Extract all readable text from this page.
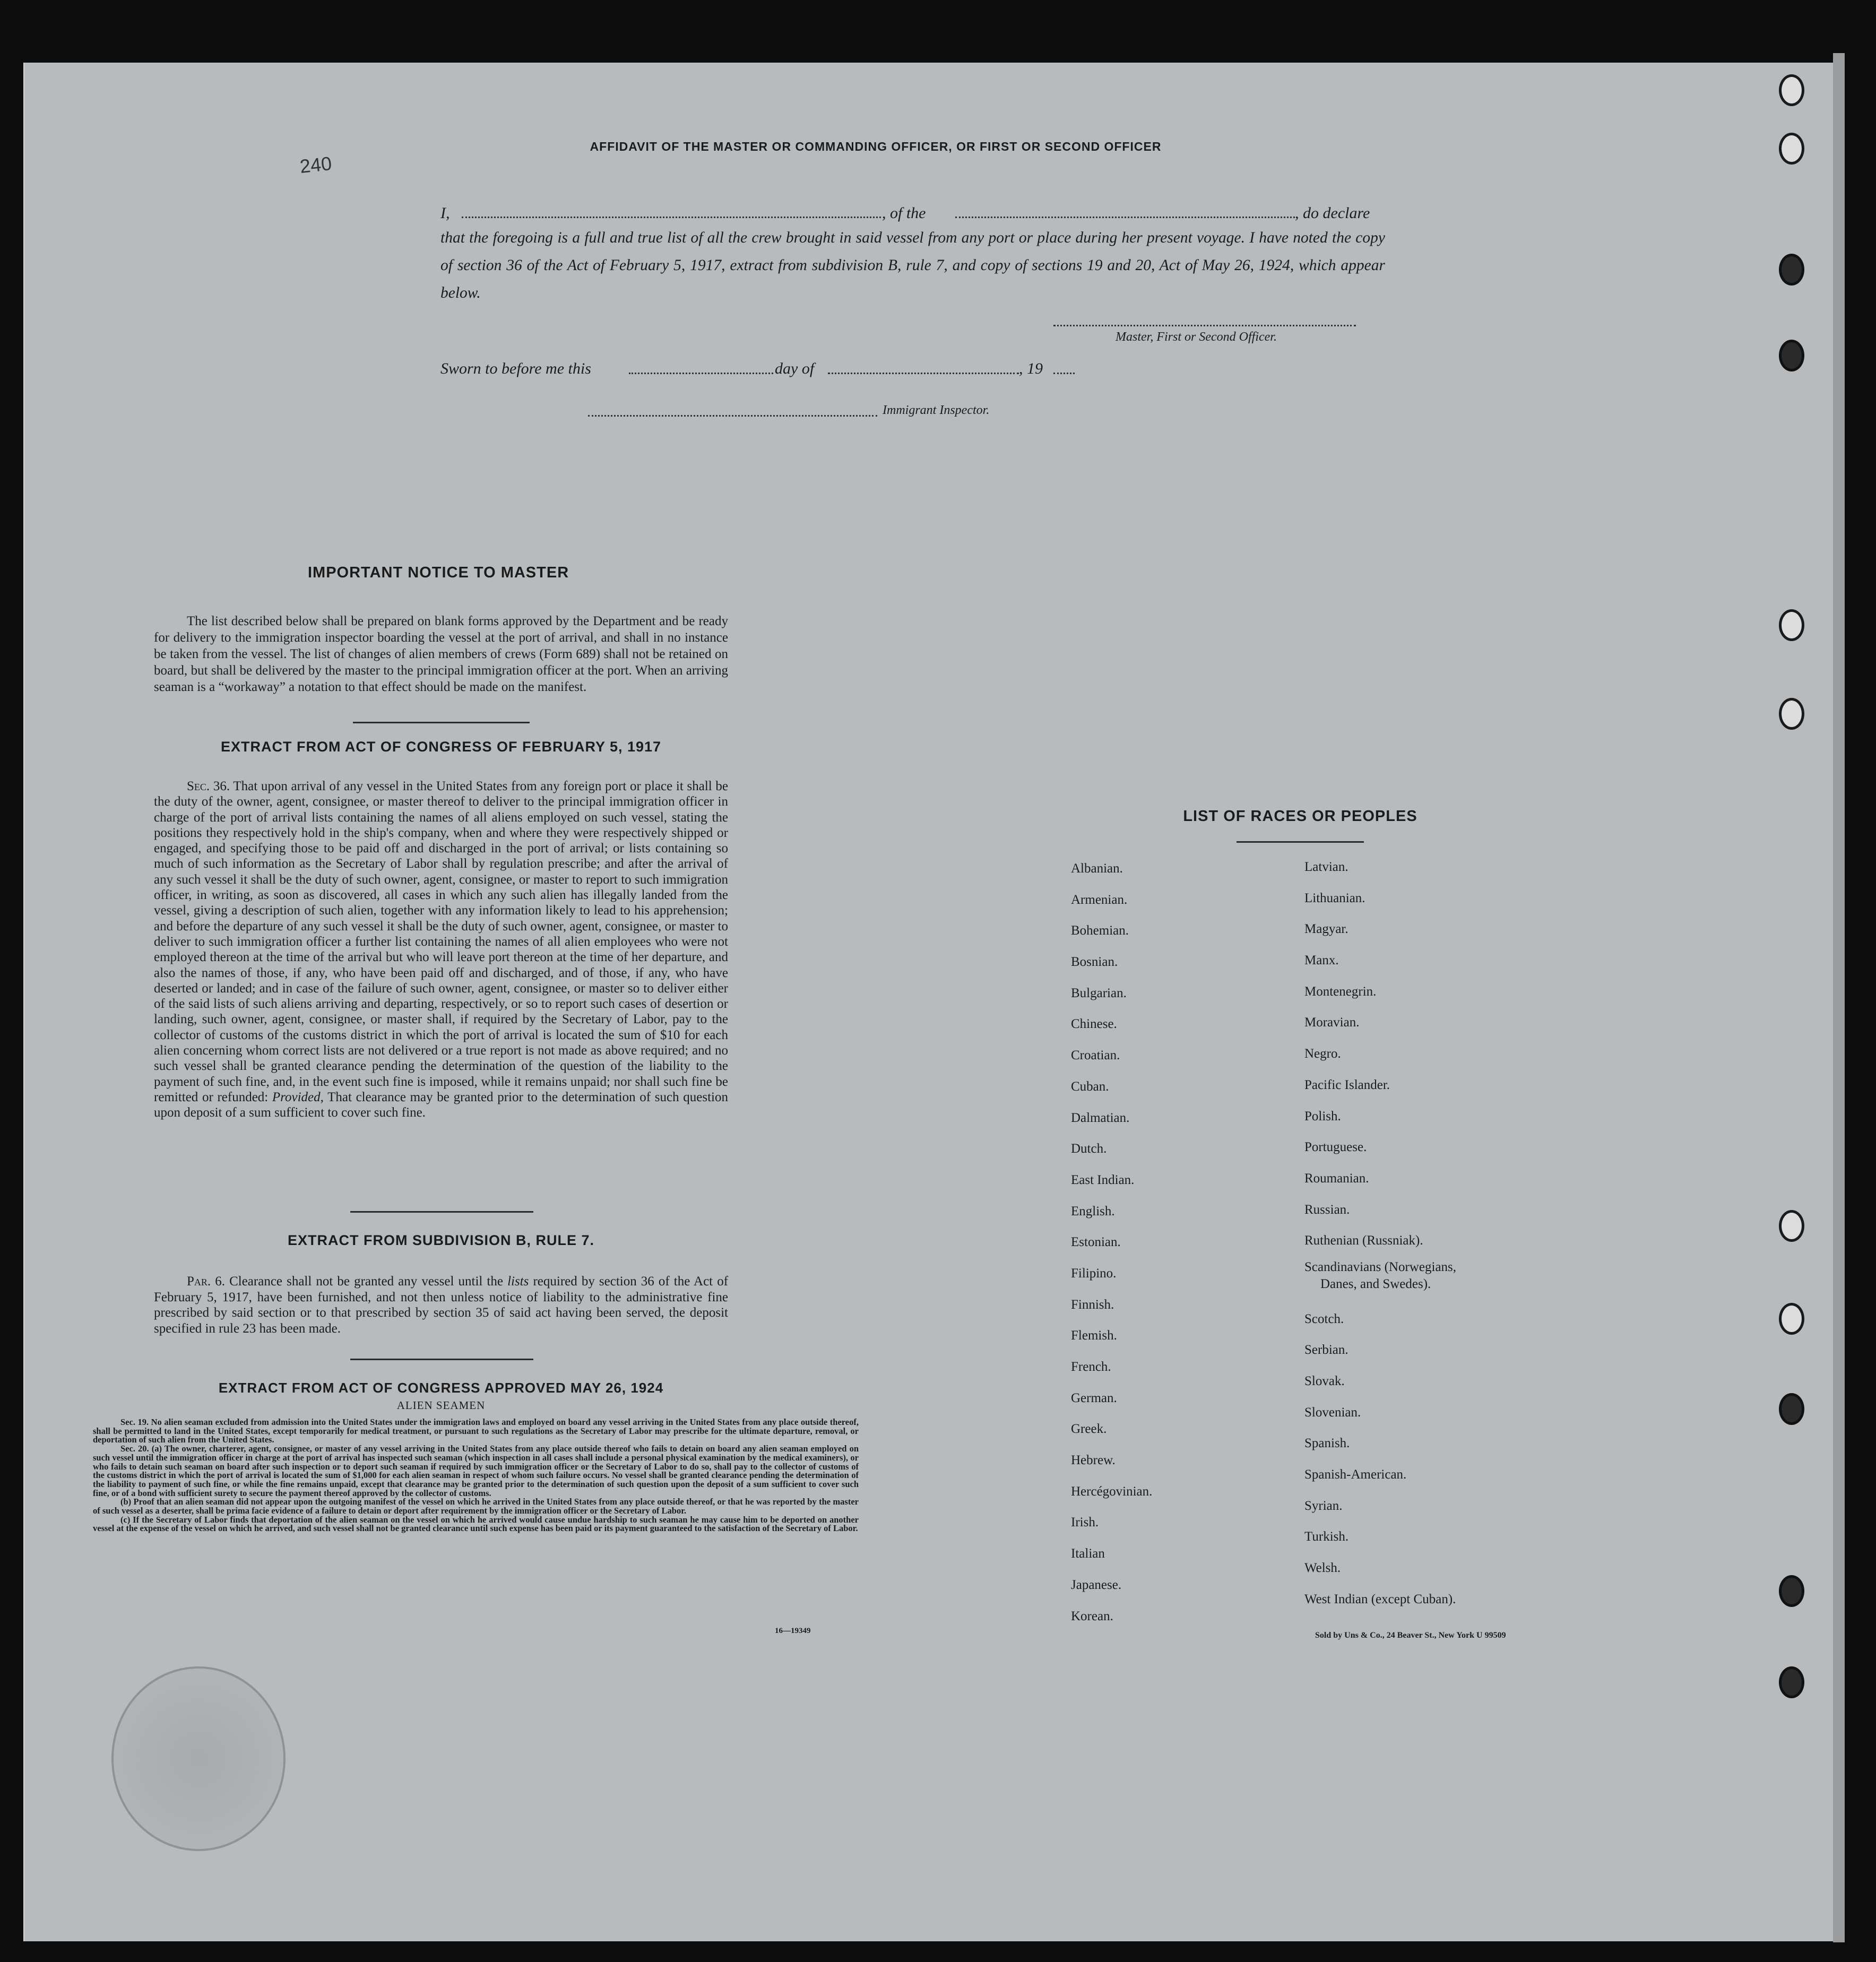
240
AFFIDAVIT OF THE MASTER OR COMMANDING OFFICER, OR FIRST OR SECOND OFFICER
I,	, of the	, do declare
that the foregoing is a full and true list of all the crew brought in said vessel from any port or place during her present voyage. I have noted the copy of section 36 of the Act of February 5, 1917, extract from subdivision B, rule 7, and copy of sections 19 and 20, Act of May 26, 1924, which appear below.
Master, First or Second Officer.
Sworn to before me this	day of	, 19
Immigrant Inspector.
IMPORTANT NOTICE TO MASTER
The list described below shall be prepared on blank forms approved by the Department and be ready for delivery to the immigration inspector boarding the vessel at the port of arrival, and shall in no instance be taken from the vessel. The list of changes of alien members of crews (Form 689) shall not be retained on board, but shall be delivered by the master to the principal immigration officer at the port. When an arriving seaman is a “workaway” a notation to that effect should be made on the manifest.
EXTRACT FROM ACT OF CONGRESS OF FEBRUARY 5, 1917
Sec. 36. That upon arrival of any vessel in the United States from any foreign port or place it shall be the duty of the owner, agent, consignee, or master thereof to deliver to the principal immigration officer in charge of the port of arrival lists containing the names of all aliens employed on such vessel, stating the positions they respectively hold in the ship's company, when and where they were respectively shipped or engaged, and specifying those to be paid off and discharged in the port of arrival; or lists containing so much of such information as the Secretary of Labor shall by regulation prescribe; and after the arrival of any such vessel it shall be the duty of such owner, agent, consignee, or master to report to such immigration officer, in writing, as soon as discovered, all cases in which any such alien has illegally landed from the vessel, giving a description of such alien, together with any information likely to lead to his apprehension; and before the departure of any such vessel it shall be the duty of such owner, agent, consignee, or master to deliver to such immigration officer a further list containing the names of all alien employees who were not employed thereon at the time of the arrival but who will leave port thereon at the time of her departure, and also the names of those, if any, who have been paid off and discharged, and of those, if any, who have deserted or landed; and in case of the failure of such owner, agent, consignee, or master so to deliver either of the said lists of such aliens arriving and departing, respectively, or so to report such cases of desertion or landing, such owner, agent, consignee, or master shall, if required by the Secretary of Labor, pay to the collector of customs of the customs district in which the port of arrival is located the sum of $10 for each alien concerning whom correct lists are not delivered or a true report is not made as above required; and no such vessel shall be granted clearance pending the determination of the question of the liability to the payment of such fine, and, in the event such fine is imposed, while it remains unpaid; nor shall such fine be remitted or refunded: Provided, That clearance may be granted prior to the determination of such question upon deposit of a sum sufficient to cover such fine.
EXTRACT FROM SUBDIVISION B, RULE 7.
Par. 6. Clearance shall not be granted any vessel until the lists required by section 36 of the Act of February 5, 1917, have been furnished, and not then unless notice of liability to the administrative fine prescribed by said section or to that prescribed by section 35 of said act having been served, the deposit specified in rule 23 has been made.
EXTRACT FROM ACT OF CONGRESS APPROVED MAY 26, 1924
ALIEN SEAMEN
Sec. 19. No alien seaman excluded from admission into the United States under the immigration laws and employed on board any vessel arriving in the United States from any place outside thereof, shall be permitted to land in the United States, except temporarily for medical treatment, or pursuant to such regulations as the Secretary of Labor may prescribe for the ultimate departure, removal, or deportation of such alien from the United States.
Sec. 20. (a) The owner, charterer, agent, consignee, or master of any vessel arriving in the United States from any place outside thereof who fails to detain on board any alien seaman employed on such vessel until the immigration officer in charge at the port of arrival has inspected such seaman (which inspection in all cases shall include a personal physical examination by the medical examiners), or who fails to detain such seaman on board after such inspection or to deport such seaman if required by such immigration officer or the Secretary of Labor to do so, shall pay to the collector of customs of the customs district in which the port of arrival is located the sum of $1,000 for each alien seaman in respect of whom such failure occurs. No vessel shall be granted clearance pending the determination of the liability to payment of such fine, or while the fine remains unpaid, except that clearance may be granted prior to the determination of such question upon the deposit of a sum sufficient to cover such fine, or of a bond with sufficient surety to secure the payment thereof approved by the collector of customs.
(b) Proof that an alien seaman did not appear upon the outgoing manifest of the vessel on which he arrived in the United States from any place outside thereof, or that he was reported by the master of such vessel as a deserter, shall be prima facie evidence of a failure to detain or deport after requirement by the immigration officer or the Secretary of Labor.
(c) If the Secretary of Labor finds that deportation of the alien seaman on the vessel on which he arrived would cause undue hardship to such seaman he may cause him to be deported on another vessel at the expense of the vessel on which he arrived, and such vessel shall not be granted clearance until such expense has been paid or its payment guaranteed to the satisfaction of the Secretary of Labor.
16—19349
LIST OF RACES OR PEOPLES
Albanian.
Armenian.
Bohemian.
Bosnian.
Bulgarian.
Chinese.
Croatian.
Cuban.
Dalmatian.
Dutch.
East Indian.
English.
Estonian.
Filipino.
Finnish.
Flemish.
French.
German.
Greek.
Hebrew.
Hercégovinian.
Irish.
Italian
Japanese.
Korean.
Latvian.
Lithuanian.
Magyar.
Manx.
Montenegrin.
Moravian.
Negro.
Pacific Islander.
Polish.
Portuguese.
Roumanian.
Russian.
Ruthenian (Russniak).
Scandinavians (Norwegians,
Danes, and Swedes).
Scotch.
Serbian.
Slovak.
Slovenian.
Spanish.
Spanish-American.
Syrian.
Turkish.
Welsh.
West Indian (except Cuban).
Sold by Uns & Co., 24 Beaver St., New York U 99509
